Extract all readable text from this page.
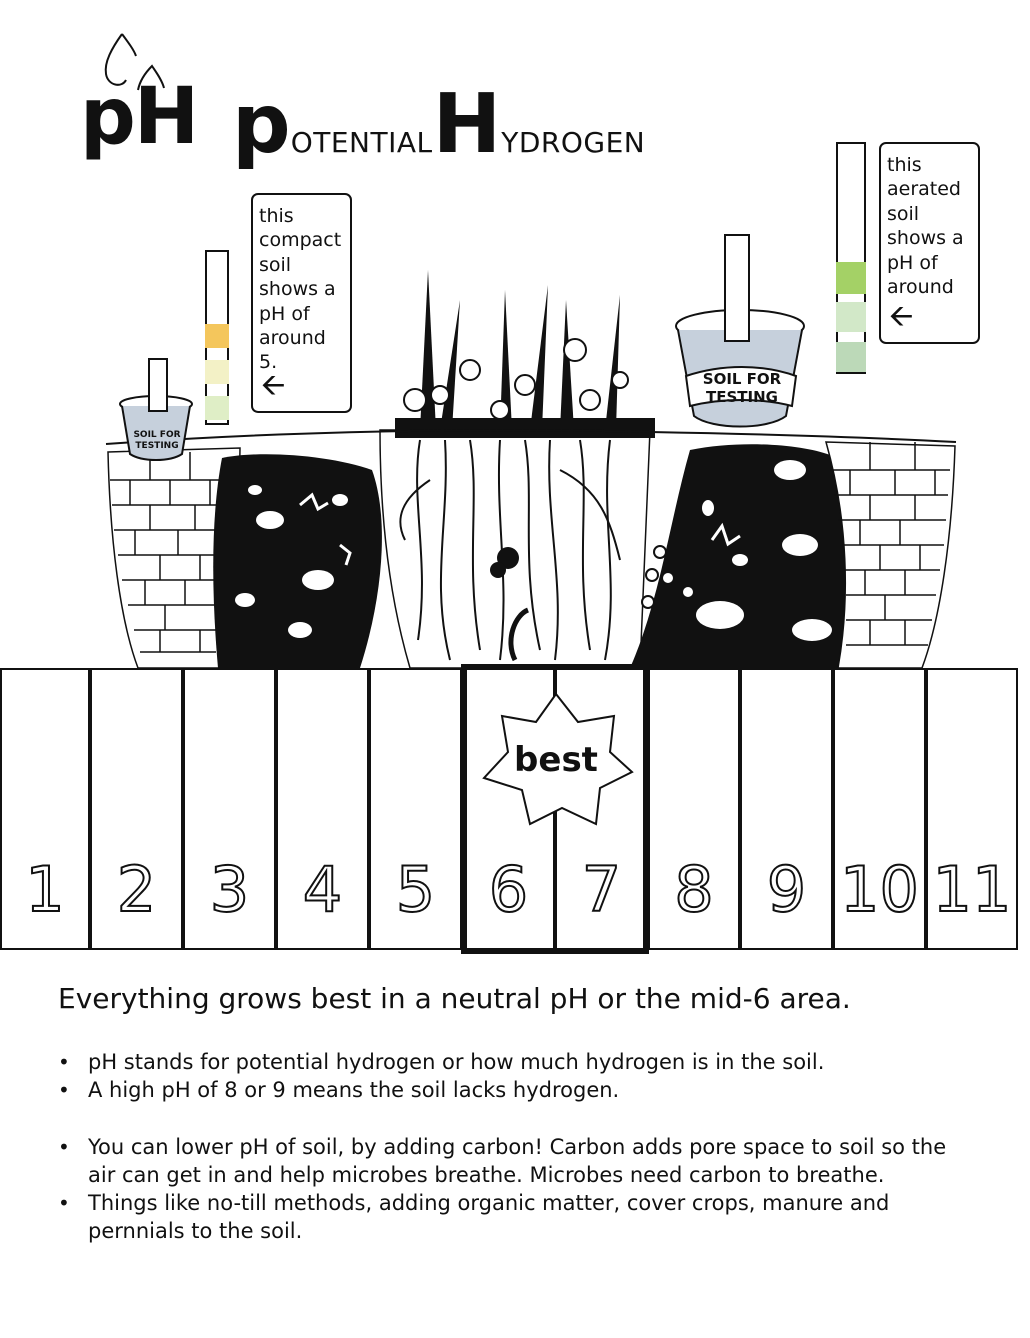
pH p OTENTIAL H YDROGEN
SOIL FOR
TESTING
SOIL FOR
TESTING
this compact soil shows a pH of around 5.
🡨
this aerated soil shows a pH of around
🡨
1 2 3 4 5 6 7 8 9 10 11
best
Everything grows best in a neutral pH or the mid-6 area.
• pH stands for potential hydrogen or how much hydrogen is in the soil.
• A high pH of 8 or 9 means the soil lacks hydrogen.
• You can lower pH of soil, by adding carbon! Carbon adds pore space to soil so the air can get in and help microbes breathe. Microbes need carbon to breathe.
• Things like no-till methods, adding organic matter, cover crops, manure and pernnials to the soil.
